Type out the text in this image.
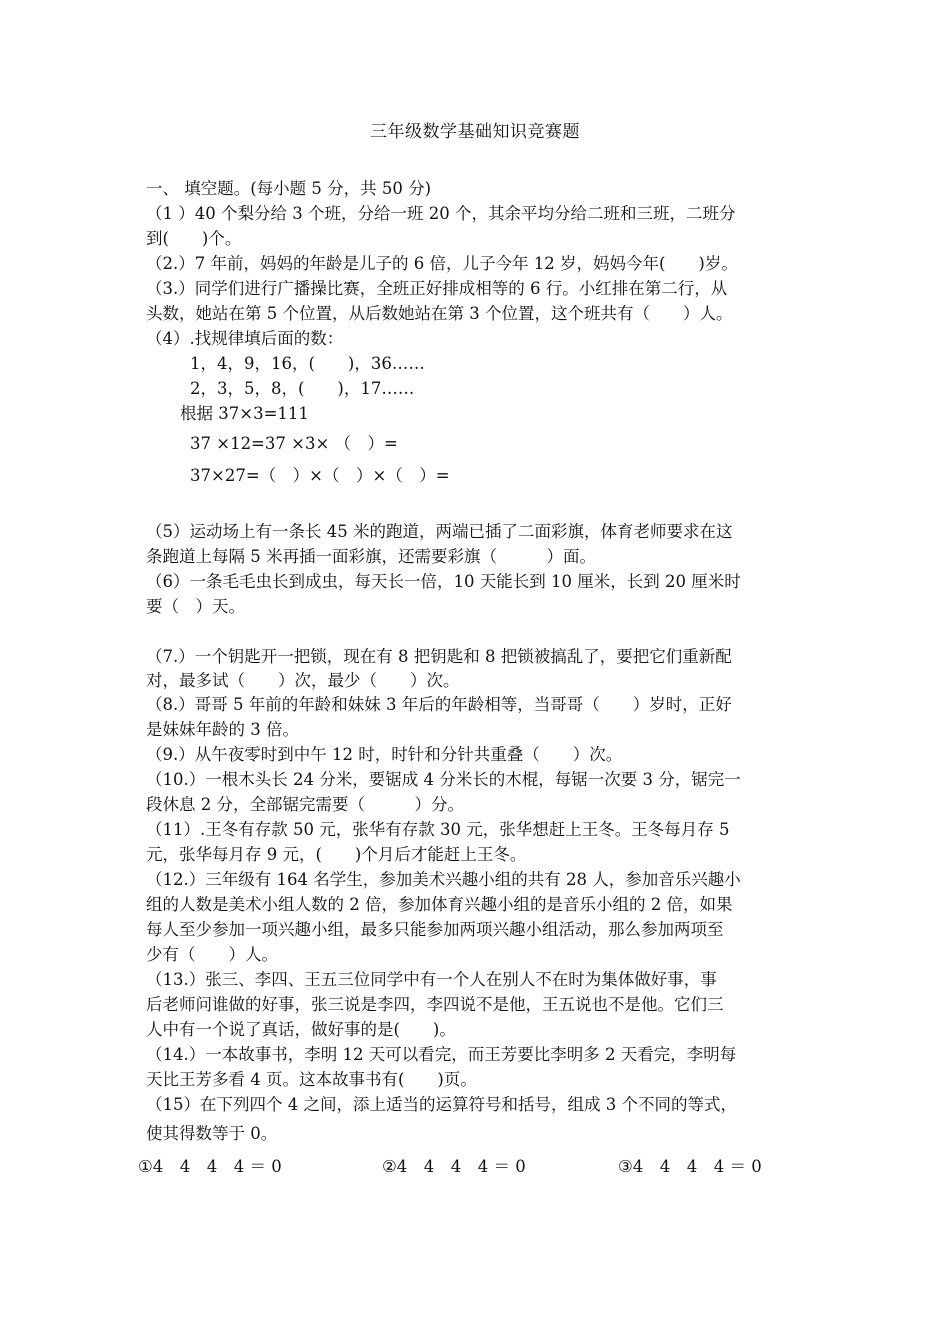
三年级数学基础知识竞赛题
一、 填空题。(每小题 5 分，共 50 分)
（1 ）40 个梨分给 3 个班，分给一班 20 个，其余平均分给二班和三班，二班分
到(　　)个。
（2.）7 年前，妈妈的年龄是儿子的 6 倍，儿子今年 12 岁，妈妈今年(　　)岁。
（3.）同学们进行广播操比赛，全班正好排成相等的 6 行。小红排在第二行，从
头数，她站在第 5 个位置，从后数她站在第 3 个位置，这个班共有（　　）人。
（4）.找规律填后面的数：
1，4，9，16，(　　)，36……
2，3，5，8，(　　)，17……
根据 37×3=111
37 ×12=37 ×3× （　）=
37×27=（　）×（　）×（　）=
（5）运动场上有一条长 45 米的跑道，两端已插了二面彩旗，体育老师要求在这
条跑道上每隔 5 米再插一面彩旗，还需要彩旗（　　　）面。
（6）一条毛毛虫长到成虫，每天长一倍，10 天能长到 10 厘米，长到 20 厘米时
要（　）天。
（7.）一个钥匙开一把锁，现在有 8 把钥匙和 8 把锁被搞乱了，要把它们重新配
对，最多试（　　）次，最少（　　）次。
（8.）哥哥 5 年前的年龄和妹妹 3 年后的年龄相等，当哥哥（　　）岁时，正好
是妹妹年龄的 3 倍。
（9.）从午夜零时到中午 12 时，时针和分针共重叠（　　）次。
（10.）一根木头长 24 分米，要锯成 4 分米长的木棍，每锯一次要 3 分，锯完一
段休息 2 分，全部锯完需要（　　　）分。
（11）.王冬有存款 50 元，张华有存款 30 元，张华想赶上王冬。王冬每月存 5
元，张华每月存 9 元，(　　)个月后才能赶上王冬。
（12.）三年级有 164 名学生，参加美术兴趣小组的共有 28 人，参加音乐兴趣小
组的人数是美术小组人数的 2 倍，参加体育兴趣小组的是音乐小组的 2 倍，如果
每人至少参加一项兴趣小组，最多只能参加两项兴趣小组活动，那么参加两项至
少有（　　）人。
（13.）张三、李四、王五三位同学中有一个人在别人不在时为集体做好事，事
后老师问谁做的好事，张三说是李四，李四说不是他，王五说也不是他。它们三
人中有一个说了真话，做好事的是(　　)。
（14.）一本故事书，李明 12 天可以看完，而王芳要比李明多 2 天看完，李明每
天比王芳多看 4 页。这本故事书有(　　)页。
（15）在下列四个 4 之间，添上适当的运算符号和括号，组成 3 个不同的等式，
使其得数等于 0。

①4　4　4　4 ＝ 0

	②4　4　4　4 ＝ 0

	③4　4　4　4 ＝ 0
